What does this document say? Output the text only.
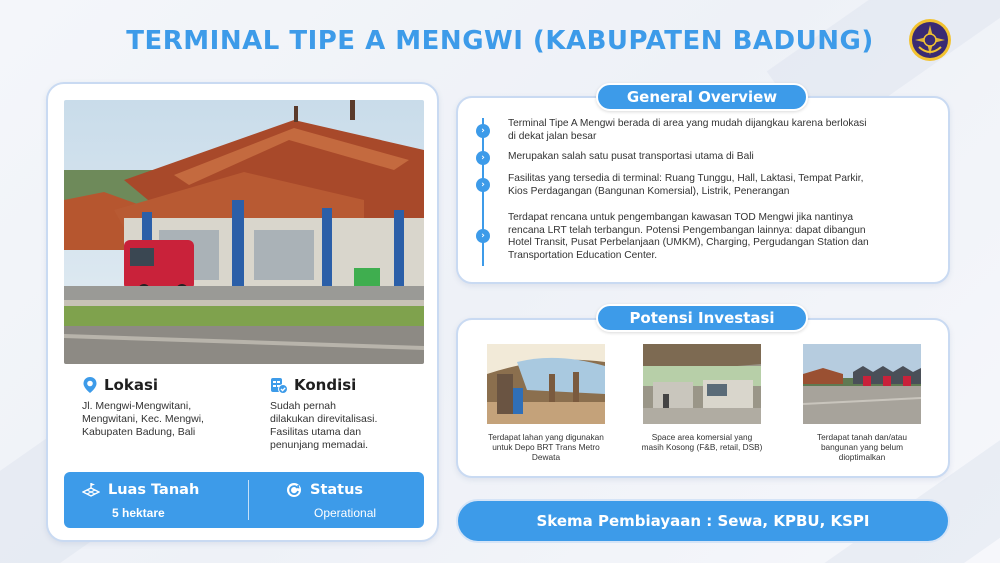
TERMINAL TIPE A MENGWI (KABUPATEN BADUNG)
Lokasi
Jl. Mengwi-Mengwitani,
Mengwitani, Kec. Mengwi,
Kabupaten Badung, Bali
Kondisi
Sudah pernah
dilakukan direvitalisasi.
Fasilitas utama dan
penunjang memadai.
Luas Tanah
5 hektare
Status
Operational
General Overview
›
Terminal Tipe A Mengwi berada di area yang mudah dijangkau karena berlokasi
di dekat jalan besar
›	Merupakan salah satu pusat transportasi utama di Bali
›
Fasilitas yang tersedia di terminal: Ruang Tunggu, Hall, Laktasi, Tempat Parkir,
Kios Perdagangan (Bangunan Komersial), Listrik, Penerangan
›
Terdapat rencana untuk pengembangan kawasan TOD Mengwi jika nantinya
rencana LRT telah terbangun. Potensi Pengembangan lainnya: dapat dibangun
Hotel Transit, Pusat Perbelanjaan (UMKM), Charging, Pergudangan Station dan
Transportation Education Center.
Potensi Investasi
Terdapat lahan yang digunakan
untuk Depo BRT Trans Metro
Dewata
Space area komersial yang
masih Kosong (F&B, retail, DSB)
Terdapat tanah dan/atau
bangunan yang belum
dioptimalkan
Skema Pembiayaan : Sewa, KPBU, KSPI
